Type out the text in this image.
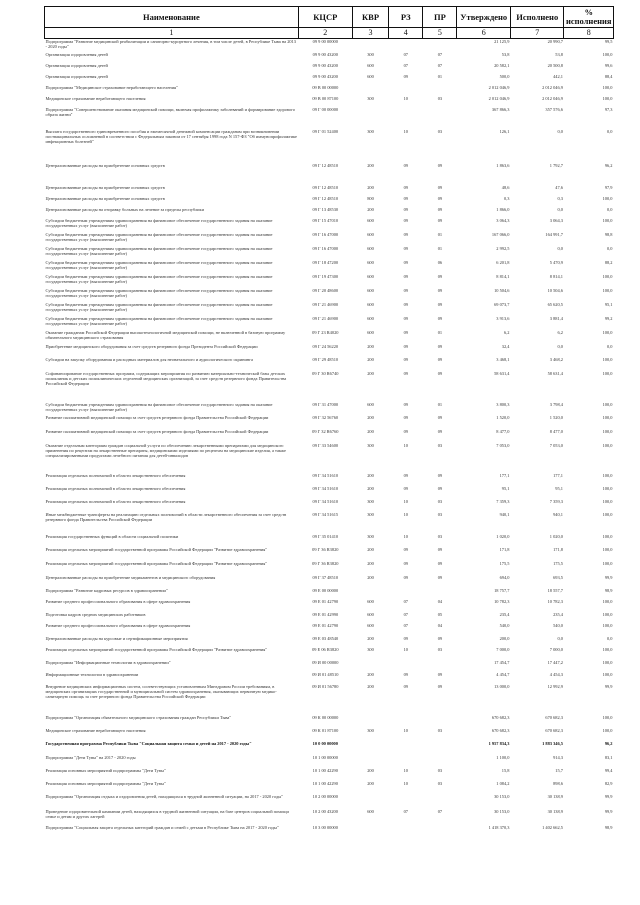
Наименование	КЦСР	КВР	РЗ	ПР	Утверждено	Исполнено	% исполнения
1	2	3	4	5	6	7	8
Подпрограмма "Развитие медицинской реабилитации и санаторно-курортного лечения, в том числе детей, в Республике Тыва на 2013 - 2020 годы"	09 9 00 00000				21 125,9	20 990,7	99,5
Организация оздоровления детей	09 9 00 43200	300	07	07	53,8	53,8	100,0
Организация оздоровления детей	09 9 00 43200	600	07	07	20 582,1	20 500,8	99,6
Организация оздоровления детей	09 9 00 43200	600	09	01	500,0	442,1	88,4
Подпрограмма "Медицинское страхование неработающего населения"	09 B 00 00000				2 012 046,9	2 012 046,9	100,0
Медицинское страхование неработающего населения	09 B 00 87100	300	10	03	2 012 046,9	2 012 046,9	100,0
Подпрограмма "Совершенствование оказания медицинской помощи, включая профилактику заболеваний и формирование здорового образа жизни"	09 Г 00 00000				367 866,3	357 576,6	97,3
Выплата государственного единовременного пособия и ежемесячной денежной компенсации гражданам при возникновении поствакцинальных осложнений в соответствии с Федеральным законом от 17 сентября 1998 года N 157-ФЗ "Об иммунопрофилактике инфекционных болезней"	09 Г 01 52400	300	10	03	126,1	0,0	0,0
Централизованные расходы на приобретение основных средств	09 Г 12 48510	200	09	09	1 863,6	1 792,7	96,2
Централизованные расходы на приобретение основных средств	09 Г 12 48510	200	09	09	48,6	47,6	97,9
Централизованные расходы на приобретение основных средств	09 Г 12 48510	800	09	09	0,3	0,3	100,0
Централизованные расходы на отправку больных на лечение за пределы республики	09 Г 13 48530	200	09	09	1 866,0	0,0	0,0
Субсидии бюджетным учреждениям здравоохранения на финансовое обеспечение государственного задания на оказание государственных услуг (выполнение работ)	09 Г 15 47010	600	09	09	3 064,3	3 064,3	100,0
Субсидии бюджетным учреждениям здравоохранения на финансовое обеспечение государственного задания на оказание государственных услуг (выполнение работ)	09 Г 16 47000	600	09	01	167 066,0	164 991,7	98,8
Субсидии бюджетным учреждениям здравоохранения на финансовое обеспечение государственного задания на оказание государственных услуг (выполнение работ)	09 Г 16 47000	600	09	01	2 992,5	0,0	0,0
Субсидии бюджетным учреждениям здравоохранения на финансовое обеспечение государственного задания на оказание государственных услуг (выполнение работ)	09 Г 18 47200	600	09	06	6 201,8	5 470,9	88,2
Субсидии бюджетным учреждениям здравоохранения на финансовое обеспечение государственного задания на оказание государственных услуг (выполнение работ)	09 Г 19 47300	600	09	09	8 814,1	8 814,1	100,0
Субсидии бюджетным учреждениям здравоохранения на финансовое обеспечение государственного задания на оказание государственных услуг (выполнение работ)	09 Г 20 48600	600	09	09	10 504,6	10 504,6	100,0
Субсидии бюджетным учреждениям здравоохранения на финансовое обеспечение государственного задания на оказание государственных услуг (выполнение работ)	09 Г 21 46900	600	09	09	69 073,7	65 620,5	95,1
Субсидии бюджетным учреждениям здравоохранения на финансовое обеспечение государственного задания на оказание государственных услуг (выполнение работ)	09 Г 21 46900	600	09	09	3 913,6	3 881,4	99,2
Оказание гражданам Российской Федерации высокотехнологичной медицинской помощи, не включенной в базовую программу обязательного медицинского страхования	09 Г 23 R4020	600	09	01	6,2	6,2	100,0
Приобретение медицинского оборудования за счет средств резервного фонда Президента Российской Федерации	09 Г 24 56220	200	09	09	32,4	0,0	0,0
Субсидии на закупку оборудования и расходных материалов для неонатального и аудиологического скрининга	09 Г 29 48510	200	09	09	3 468,1	3 468,2	100,0
Софинансирование государственных программ, содержащих мероприятия по развитию материально-технической базы детских поликлиник и детских поликлинических отделений медицинских организаций, за счет средств резервного фонда Правительства Российской Федерации	09 Г 30 R6740	200	09	09	58 631,4	58 631,4	100,0
Субсидии бюджетным учреждениям здравоохранения на финансовое обеспечение государственного задания на оказание государственных услуг (выполнение работ)	09 Г 31 47000	600	09	01	3 800,3	3 798,4	100,0
Развитие паллиативной медицинской помощи за счет средств резервного фонда Правительства Российской Федерации	09 Г 32 56760	200	09	09	1 520,0	1 520,0	100,0
Развитие паллиативной медицинской помощи за счет средств резервного фонда Правительства Российской Федерации	09 Г 32 R6760	200	09	09	8 477,0	8 477,0	100,0
Оказание отдельным категориям граждан социальной услуги по обеспечению лекарственными препаратами для медицинского применения по рецептам на лекарственные препараты, медицинскими изделиями по рецептам на медицинские изделия, а также специализированными продуктами лечебного питания для детей-инвалидов	09 Г 33 54600	300	10	03	7 053,0	7 053,0	100,0
Реализация отдельных полномочий в области лекарственного обеспечения	09 Г 34 51610	200	09	09	177,1	177,1	100,0
Реализация отдельных полномочий в области лекарственного обеспечения	09 Г 34 51610	200	09	09	95,1	95,1	100,0
Реализация отдельных полномочий в области лекарственного обеспечения	09 Г 34 51610	300	10	03	7 359,3	7 359,3	100,0
Иные межбюджетные трансферты на реализацию отдельных полномочий в области лекарственного обеспечения за счет средств резервного фонда Правительства Российской Федерации	09 Г 34 51615	300	10	03	940,1	940,1	100,0
Реализация государственных функций в области социальной политики	09 Г 35 01410	300	10	03	1 020,0	1 020,0	100,0
Реализация отдельных мероприятий государственной программы Российской Федерации "Развитие здравоохранения"	09 Г 36 R3820	200	09	09	171,8	171,8	100,0
Реализация отдельных мероприятий государственной программы Российской Федерации "Развитие здравоохранения"	09 Г 36 R3820	200	09	09	175,5	175,5	100,0
Централизованные расходы на приобретение медикаментов и медицинского оборудования	09 Г 37 48510	200	09	09	694,0	693,5	99,9
Подпрограмма "Развитие кадровых ресурсов в здравоохранении"	09 E 00 00000				18 757,7	18 557,7	98,9
Развитие среднего профессионального образования в сфере здравоохранения	09 E 01 42790	600	07	04	10 782,3	10 782,3	100,0
Подготовка кадров средних медицинских работников	09 E 01 42990	600	07	05	235,4	235,4	100,0
Развитие среднего профессионального образования в сфере здравоохранения	09 E 01 42790	600	07	04	540,0	540,0	100,0
Централизованные расходы на курсовые и сертификационные мероприятия	09 E 03 48540	200	09	09	200,0	0,0	0,0
Реализация отдельных мероприятий государственной программы Российской Федерации "Развитие здравоохранения"	09 E 06 R3820	300	10	03	7 000,0	7 000,0	100,0
Подпрограмма "Информационные технологии в здравоохранении"	09 И 00 00000				17 454,7	17 447,2	100,0
Информационные технологии в здравоохранении	09 И 01 48510	200	09	09	4 454,7	4 454,3	100,0
Внедрение медицинских информационных систем, соответствующих установленным Минздравом России требованиям, в медицинских организациях государственной и муниципальной систем здравоохранения, оказывающих первичную медико-санитарную помощь за счет резервного фонда Правительства Российской Федерации	09 И 01 56780	200	09	09	13 000,0	12 992,9	99,9
Подпрограмма "Организация обязательного медицинского страхования граждан Республики Тыва"	09 К 00 00000				670 682,3	670 682,3	100,0
Медицинское страхование неработающего населения	09 К 01 87100	300	10	03	670 682,3	670 682,3	100,0
Государственная программа Республики Тыва "Социальная защита семьи и детей на 2017 - 2020 годы"	10 0 00 00000				1 957 834,3	1 883 346,5	96,2
Подпрограмма "Дети Тувы" на 2017 - 2020 годы	10 1 00 00000				1 100,0	914,3	83,1
Реализация основных мероприятий подпрограммы "Дети Тувы"	10 1 00 42290	200	10	03	15,8	15,7	99,4
Реализация основных мероприятий подпрограммы "Дети Тувы"	10 1 00 42290	200	10	03	1 084,2	898,6	82,9
Подпрограмма "Организация отдыха и оздоровления детей, находящихся в трудной жизненной ситуации, на 2017 - 2020 годы"	10 2 00 00000				30 153,0	30 138,9	99,9
Проведение оздоровительной кампании детей, находящихся в трудной жизненной ситуации, на базе центров социальной помощи семье и детям и других лагерей	10 2 00 43200	600	07	07	30 153,0	30 138,9	99,9
Подпрограмма "Социальная защита отдельных категорий граждан и семей с детьми в Республике Тыва на 2017 - 2020 годы"	10 3 00 00000				1 418 370,3	1 402 662,5	98,9
